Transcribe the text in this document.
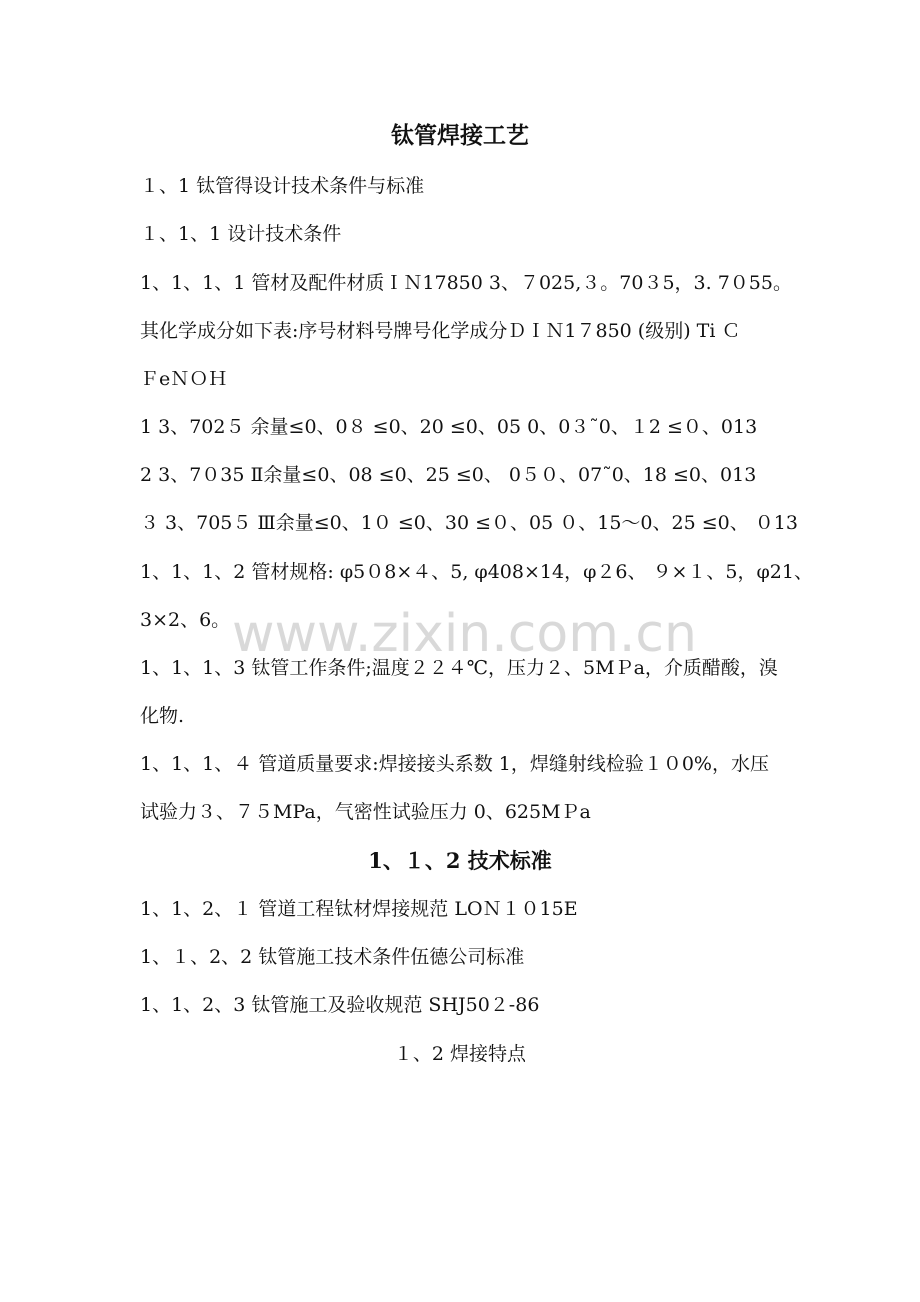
www.zixin.com.cn
钛管焊接工艺
１、1 钛管得设计技术条件与标准
１、1、1 设计技术条件
1、1、1、1 管材及配件材质ＩＮ17850 3、７025,３。70３5，3. 7０55。
其化学成分如下表:序号材料号牌号化学成分ＤＩＮ1７850 (级别) Ti Ｃ
ＦeＮＯＨ
1 3、702５ 余量≤0、0８ ≤0、20 ≤0、05 0、0３˜0、１2 ≤０、013
2 3、7０35 Ⅱ余量≤0、08 ≤0、25 ≤0、 0５０、07˜0、18 ≤0、013
３ 3、705５ Ⅲ余量≤0、1０ ≤0、30 ≤０、05 ０、15～0、25 ≤0、 ０13
1、1、1、2 管材规格: φ5０8×４、5, φ408×14，φ２6、 ９×１、5，φ21、
3×2、6。
1、1、1、3 钛管工作条件;温度２２４℃，压力２、5MＰa，介质醋酸，溴
化物.
1、1、1、４ 管道质量要求:焊接接头系数 1，焊缝射线检验１０0%，水压
试验力３、７５MPa，气密性试验压力 0、625MＰa
1、１、2 技术标准
1、1、2、１ 管道工程钛材焊接规范 LOＮ１０15E
1、１、2、2 钛管施工技术条件伍德公司标准
1、1、2、3 钛管施工及验收规范 SHJ50２-86
１、2 焊接特点
